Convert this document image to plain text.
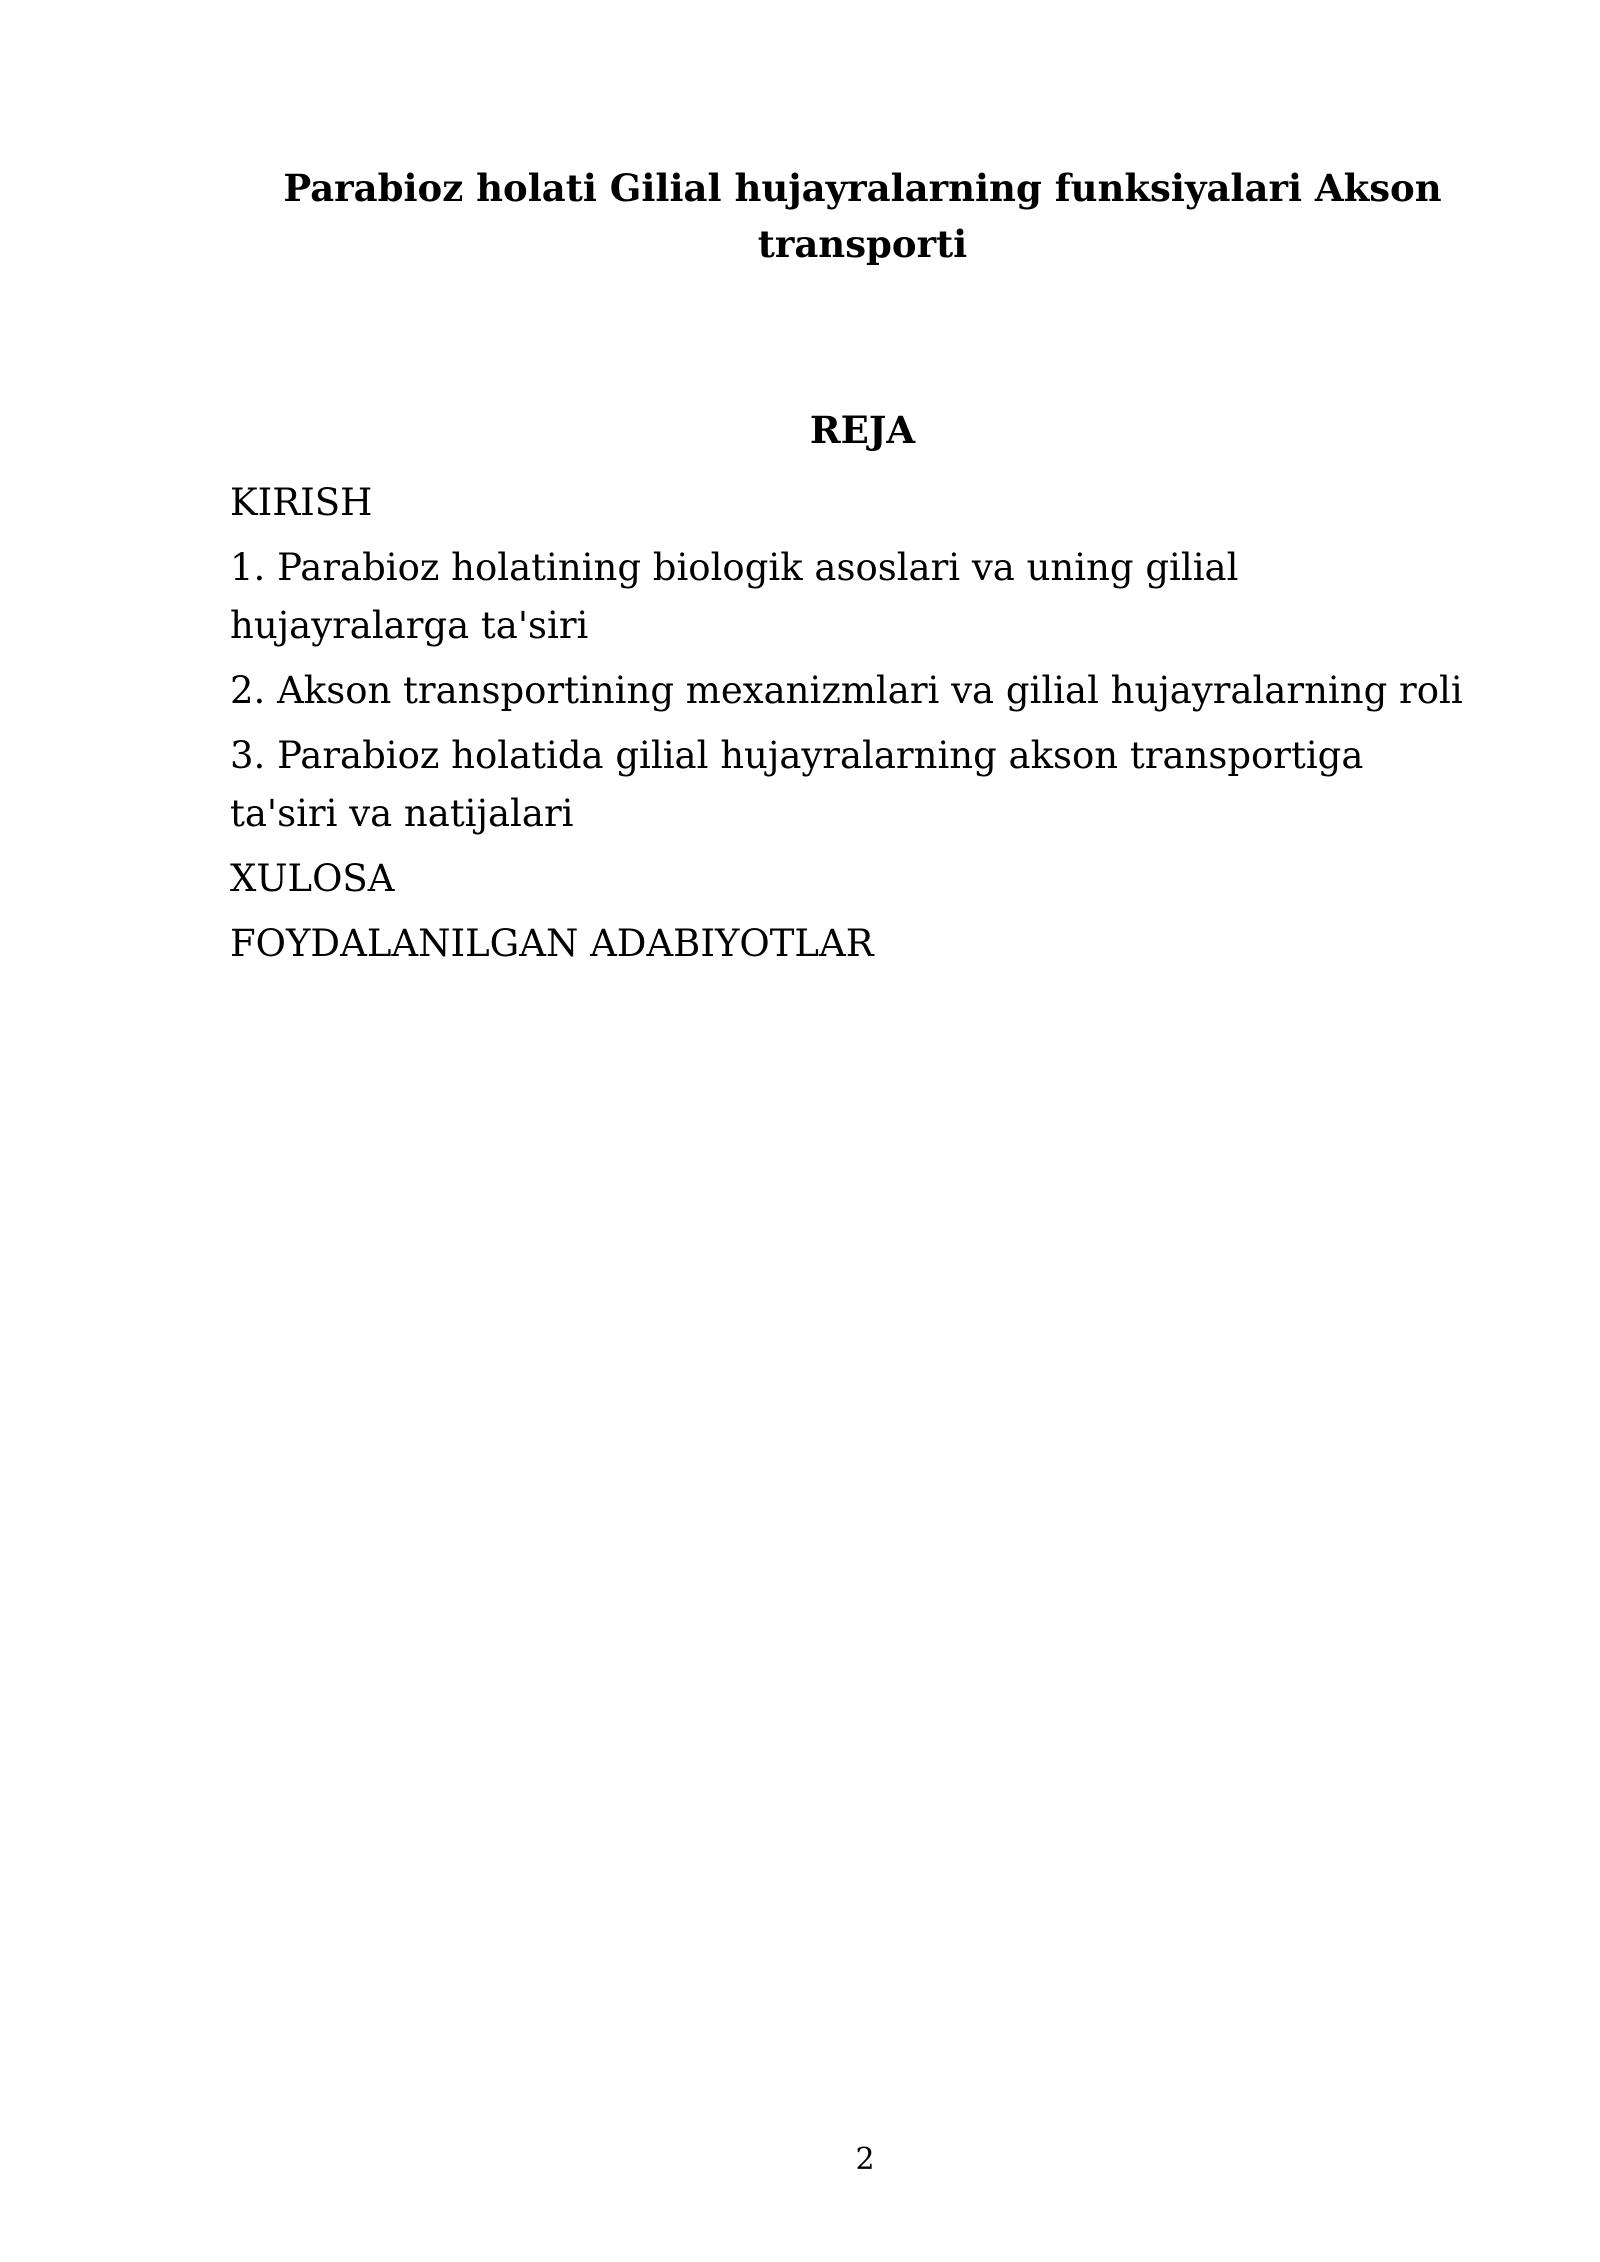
Parabioz holati Gilial hujayralarning funksiyalari Akson transporti
REJA
KIRISH
1. Parabioz holatining biologik asoslari va uning gilial hujayralarga ta'siri
2. Akson transportining mexanizmlari va gilial hujayralarning roli
3. Parabioz holatida gilial hujayralarning akson transportiga ta'siri va natijalari
XULOSA
FOYDALANILGAN ADABIYOTLAR
2
